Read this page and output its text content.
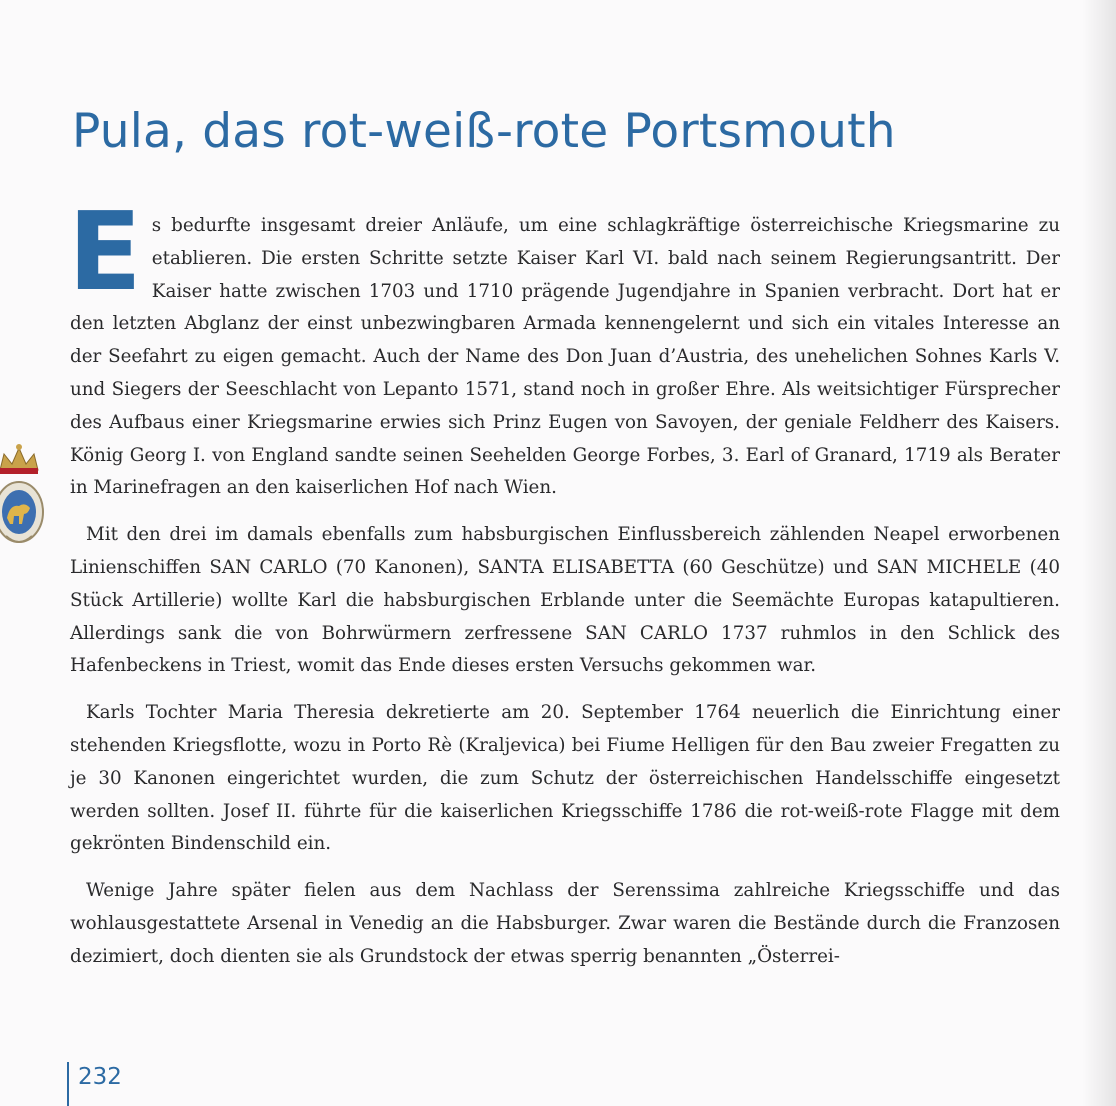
Pula, das rot-weiß-rote Portsmouth

Es bedurfte insgesamt dreier Anläufe, um eine schlagkräftige österreichische Kriegsmarine zu etablieren. Die ersten Schritte setzte Kaiser Karl VI. bald nach seinem Regierungsantritt. Der Kaiser hatte zwischen 1703 und 1710 prägende Jugendjahre in Spanien verbracht. Dort hat er den letzten Abglanz der einst unbezwingbaren Armada kennengelernt und sich ein vitales Interesse an der Seefahrt zu eigen gemacht. Auch der Name des Don Juan d’Austria, des unehelichen Sohnes Karls V. und Siegers der Seeschlacht von Lepanto 1571, stand noch in großer Ehre. Als weitsichtiger Fürsprecher des Aufbaus einer Kriegsmarine erwies sich Prinz Eugen von Savoyen, der geniale Feldherr des Kaisers. König Georg I. von England sandte seinen Seehelden George Forbes, 3. Earl of Granard, 1719 als Berater in Marinefragen an den kaiserlichen Hof nach Wien.

Mit den drei im damals ebenfalls zum habsburgischen Einflussbereich zählenden Neapel erworbenen Linienschiffen SAN CARLO (70 Kanonen), SANTA ELISABETTA (60 Geschütze) und SAN MICHELE (40 Stück Artillerie) wollte Karl die habsburgischen Erblande unter die Seemächte Europas katapultieren. Allerdings sank die von Bohrwürmern zerfressene SAN CARLO 1737 ruhmlos in den Schlick des Hafenbeckens in Triest, womit das Ende dieses ersten Versuchs gekommen war.

Karls Tochter Maria Theresia dekretierte am 20. September 1764 neuerlich die Einrichtung einer stehenden Kriegsflotte, wozu in Porto Rè (Kraljevica) bei Fiume Helligen für den Bau zweier Fregatten zu je 30 Kanonen eingerichtet wurden, die zum Schutz der österreichischen Handelsschiffe eingesetzt werden sollten. Josef II. führte für die kaiserlichen Kriegsschiffe 1786 die rot-weiß-rote Flagge mit dem gekrönten Bindenschild ein.

Wenige Jahre später fielen aus dem Nachlass der Serenssima zahlreiche Kriegsschiffe und das wohlausgestattete Arsenal in Venedig an die Habsburger. Zwar waren die Bestände durch die Franzosen dezimiert, doch dienten sie als Grundstock der etwas sperrig benannten „Österrei-

232
